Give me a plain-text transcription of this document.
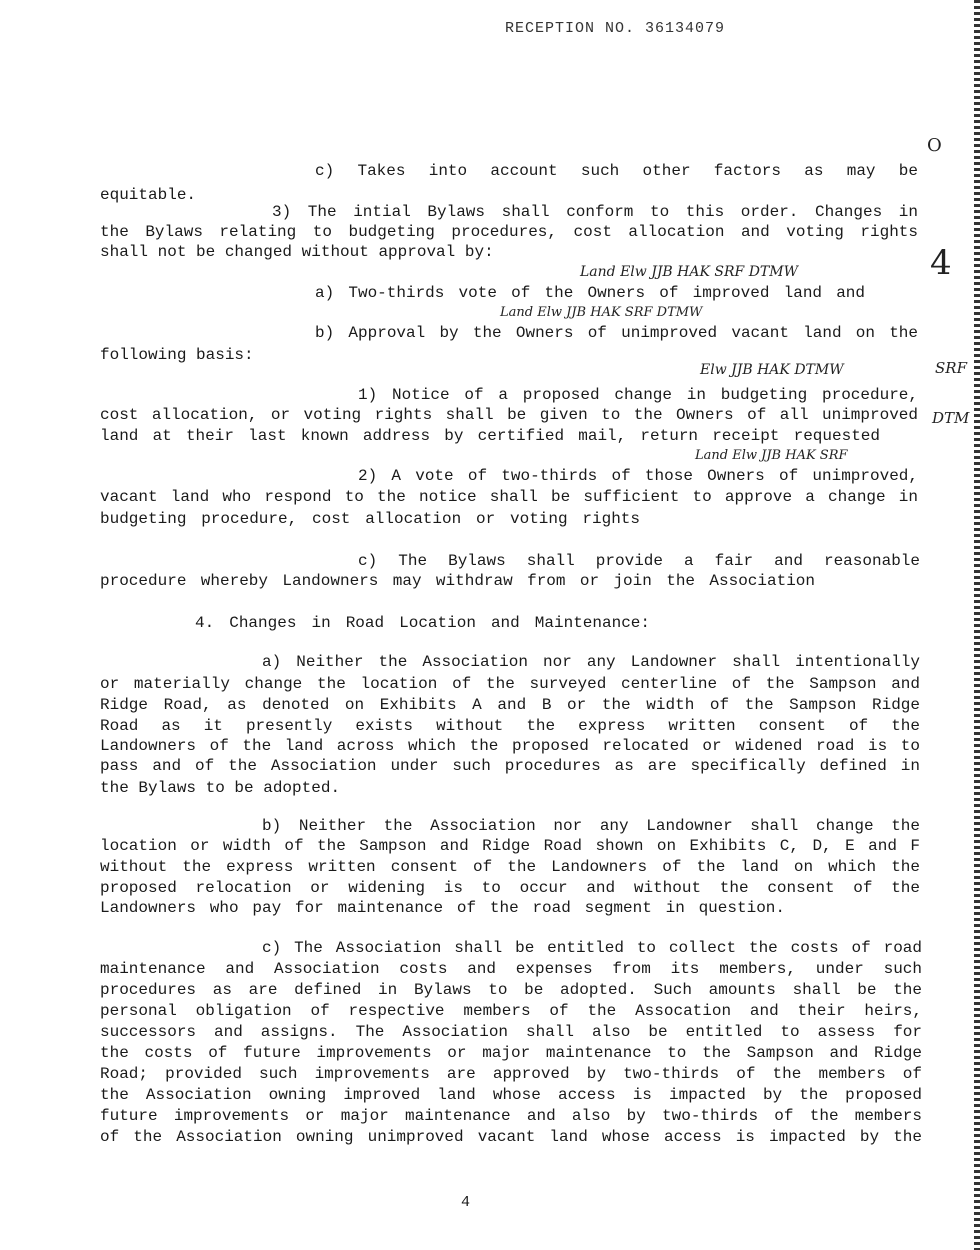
RECEPTION NO. 36134079
c) Takes into account such other factors as may be
equitable.
3) The intial Bylaws shall conform to this order. Changes in
the Bylaws relating to budgeting procedures, cost allocation and voting rights
shall not be changed without approval by:
a) Two-thirds vote of the Owners of improved land and
b) Approval by the Owners of unimproved vacant land on the
following basis:
1) Notice of a proposed change in budgeting procedure,
cost allocation, or voting rights shall be given to the Owners of all unimproved
land at their last known address by certified mail, return receipt requested
2) A vote of two-thirds of those Owners of unimproved,
vacant land who respond to the notice shall be sufficient to approve a change in
budgeting procedure, cost allocation or voting rights
c) The Bylaws shall provide a fair and reasonable
procedure whereby Landowners may withdraw from or join the Association
4. Changes in Road Location and Maintenance:
a) Neither the Association nor any Landowner shall intentionally
or materially change the location of the surveyed centerline of the Sampson and
Ridge Road, as denoted on Exhibits A and B or the width of the Sampson Ridge
Road as it presently exists without the express written consent of the
Landowners of the land across which the proposed relocated or widened road is to
pass and of the Association under such procedures as are specifically defined in
the Bylaws to be adopted.
b) Neither the Association nor any Landowner shall change the
location or width of the Sampson and Ridge Road shown on Exhibits C, D, E and F
without the express written consent of the Landowners of the land on which the
proposed relocation or widening is to occur and without the consent of the
Landowners who pay for maintenance of the road segment in question.
c) The Association shall be entitled to collect the costs of road
maintenance and Association costs and expenses from its members, under such
procedures as are defined in Bylaws to be adopted. Such amounts shall be the
personal obligation of respective members of the Assocation and their heirs,
successors and assigns. The Association shall also be entitled to assess for
the costs of future improvements or major maintenance to the Sampson and Ridge
Road; provided such improvements are approved by two-thirds of the members of
the Association owning improved land whose access is impacted by the proposed
future improvements or major maintenance and also by two-thirds of the members
of the Association owning unimproved vacant land whose access is impacted by the
Land Elw JJB HAK SRF DTMW
Land Elw JJB HAK SRF DTMW
Elw JJB HAK DTMW	SRF
Land Elw JJB HAK SRF
DTM
4
O
4
